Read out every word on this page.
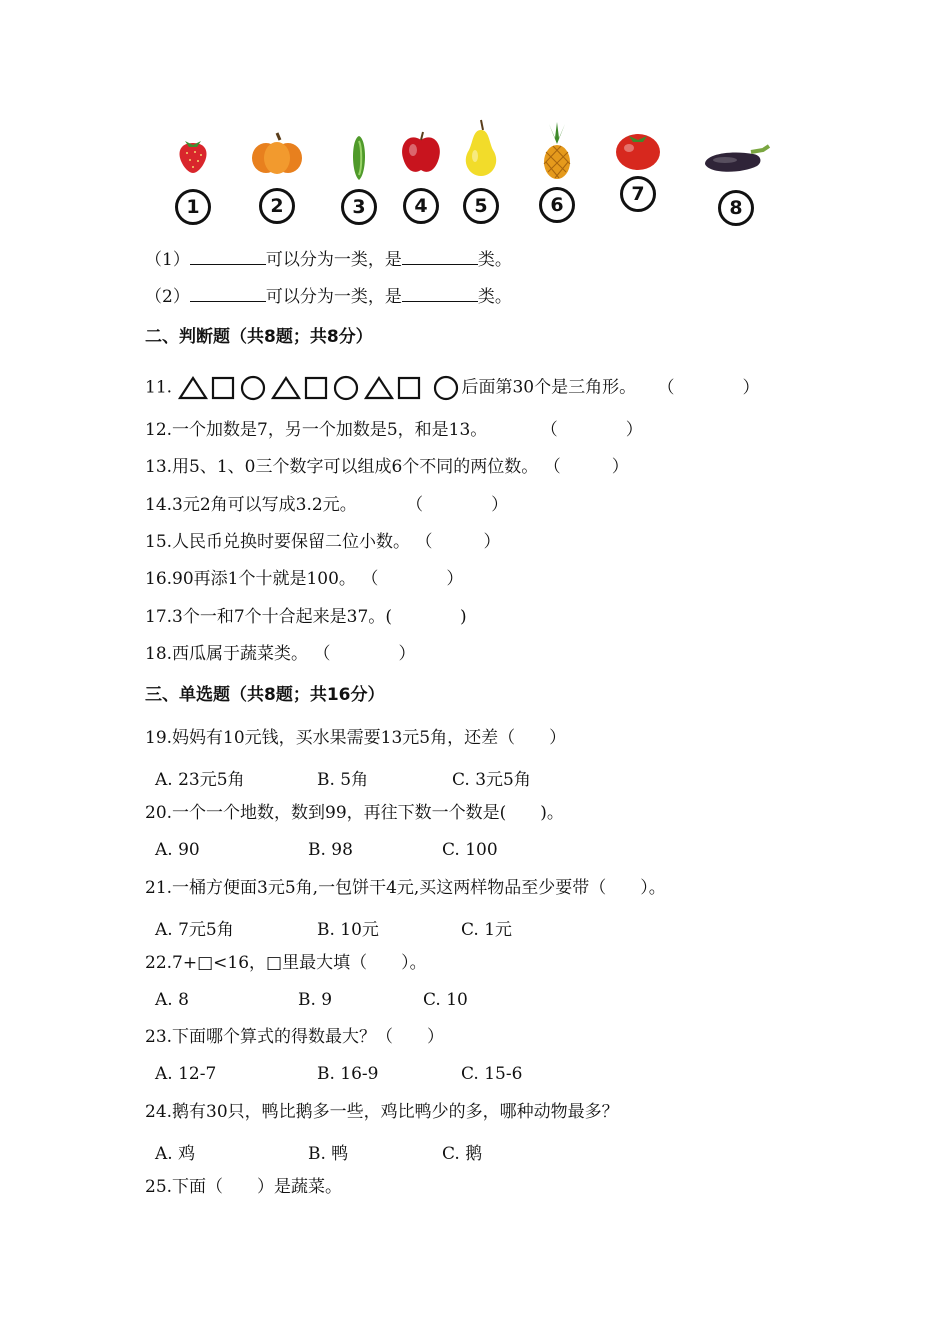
1	2	3	4	5	6	7
8
（1）	可以分为一类，是	类。
（2）	可以分为一类，是	类。
二、判断题（共8题；共8分）
11.	后面第30个是三角形。 （　　　　）
12.一个加数是7，另一个加数是5，和是13。	（　　　　）
13.用5、1、0三个数字可以组成6个不同的两位数。 （　　　）
14.3元2角可以写成3.2元。	（　　　　）
15.人民币兑换时要保留二位小数。 （　　　）
16.90再添1个十就是100。 （　　　　）
17.3个一和7个十合起来是37。(　　　　)
18.西瓜属于蔬菜类。 （　　　　）
三、单选题（共8题；共16分）
19.妈妈有10元钱，买水果需要13元5角，还差（　　）
A. 23元5角	B. 5角	C. 3元5角
20.一个一个地数，数到99，再往下数一个数是(　　)。
A. 90	B. 98	C. 100
21.一桶方便面3元5角,一包饼干4元,买这两样物品至少要带（　　）。
A. 7元5角	B. 10元	C. 1元
22.7+□<16，□里最大填（　　）。
A. 8	B. 9	C. 10
23.下面哪个算式的得数最大？（　　）
A. 12-7	B. 16-9	C. 15-6
24.鹅有30只，鸭比鹅多一些，鸡比鸭少的多，哪种动物最多？
A. 鸡	B. 鸭	C. 鹅
25.下面（　　）是蔬菜。
